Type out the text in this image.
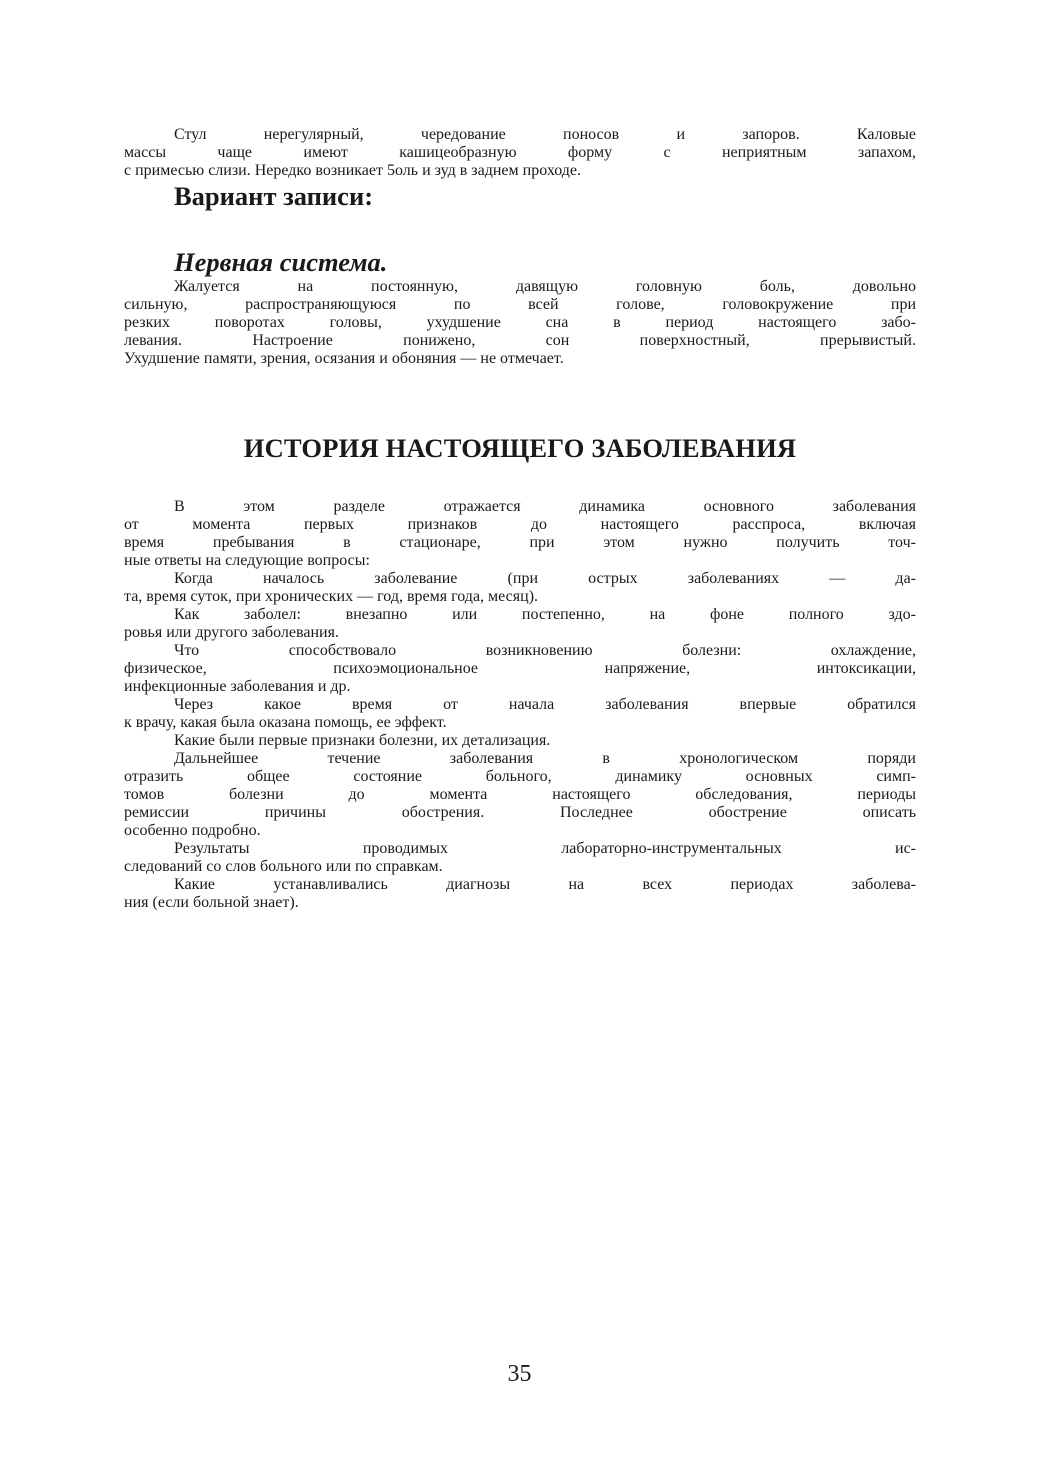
Стул нерегулярный, чередование поносов и запоров. Каловые
массы чаще имеют кашицеобразную форму с неприятным запахом,
с примесью слизи. Нередко возникает 5оль и зуд в заднем проходе.

Вариант записи:

Нервная система.

Жалуется на постоянную, давящую головную боль, довольно
сильную, распространяющуюся по всей голове, головокружение при
резких поворотах головы, ухудшение сна в период настоящего забо-
левания. Настроение понижено, сон поверхностный, прерывистый.
Ухудшение памяти, зрения, осязания и обоняния — не отмечает.

ИСТОРИЯ НАСТОЯЩЕГО ЗАБОЛЕВАНИЯ

В этом разделе отражается динамика основного заболевания
от момента первых признаков до настоящего расспроса, включая
время пребывания в стационаре, при этом нужно получить точ-
ные ответы на следующие вопросы:
Когда началось заболевание (при острых заболеваниях — да-
та, время суток, при хронических — год, время года, месяц).
Как заболел: внезапно или постепенно, на фоне полного здо-
ровья или другого заболевания.
Что способствовало возникновению болезни: охлаждение,
физическое, психоэмоциональное напряжение, интоксикации,
инфекционные заболевания и др.
Через какое время от начала заболевания впервые обратился
к врачу, какая была оказана помощь, ее эффект.
Какие были первые признаки болезни, их детализация.
Дальнейшее течение заболевания в хронологическом поряди
отразить общее состояние больного, динамику основных симп-
томов болезни до момента настоящего обследования, периоды
ремиссии причины обострения. Последнее обострение описать
особенно подробно.
Результаты проводимых лабораторно-инструментальных ис-
следований со слов больного или по справкам.
Какие устанавливались диагнозы на всех периодах заболева-
ния (если больной знает).
35
